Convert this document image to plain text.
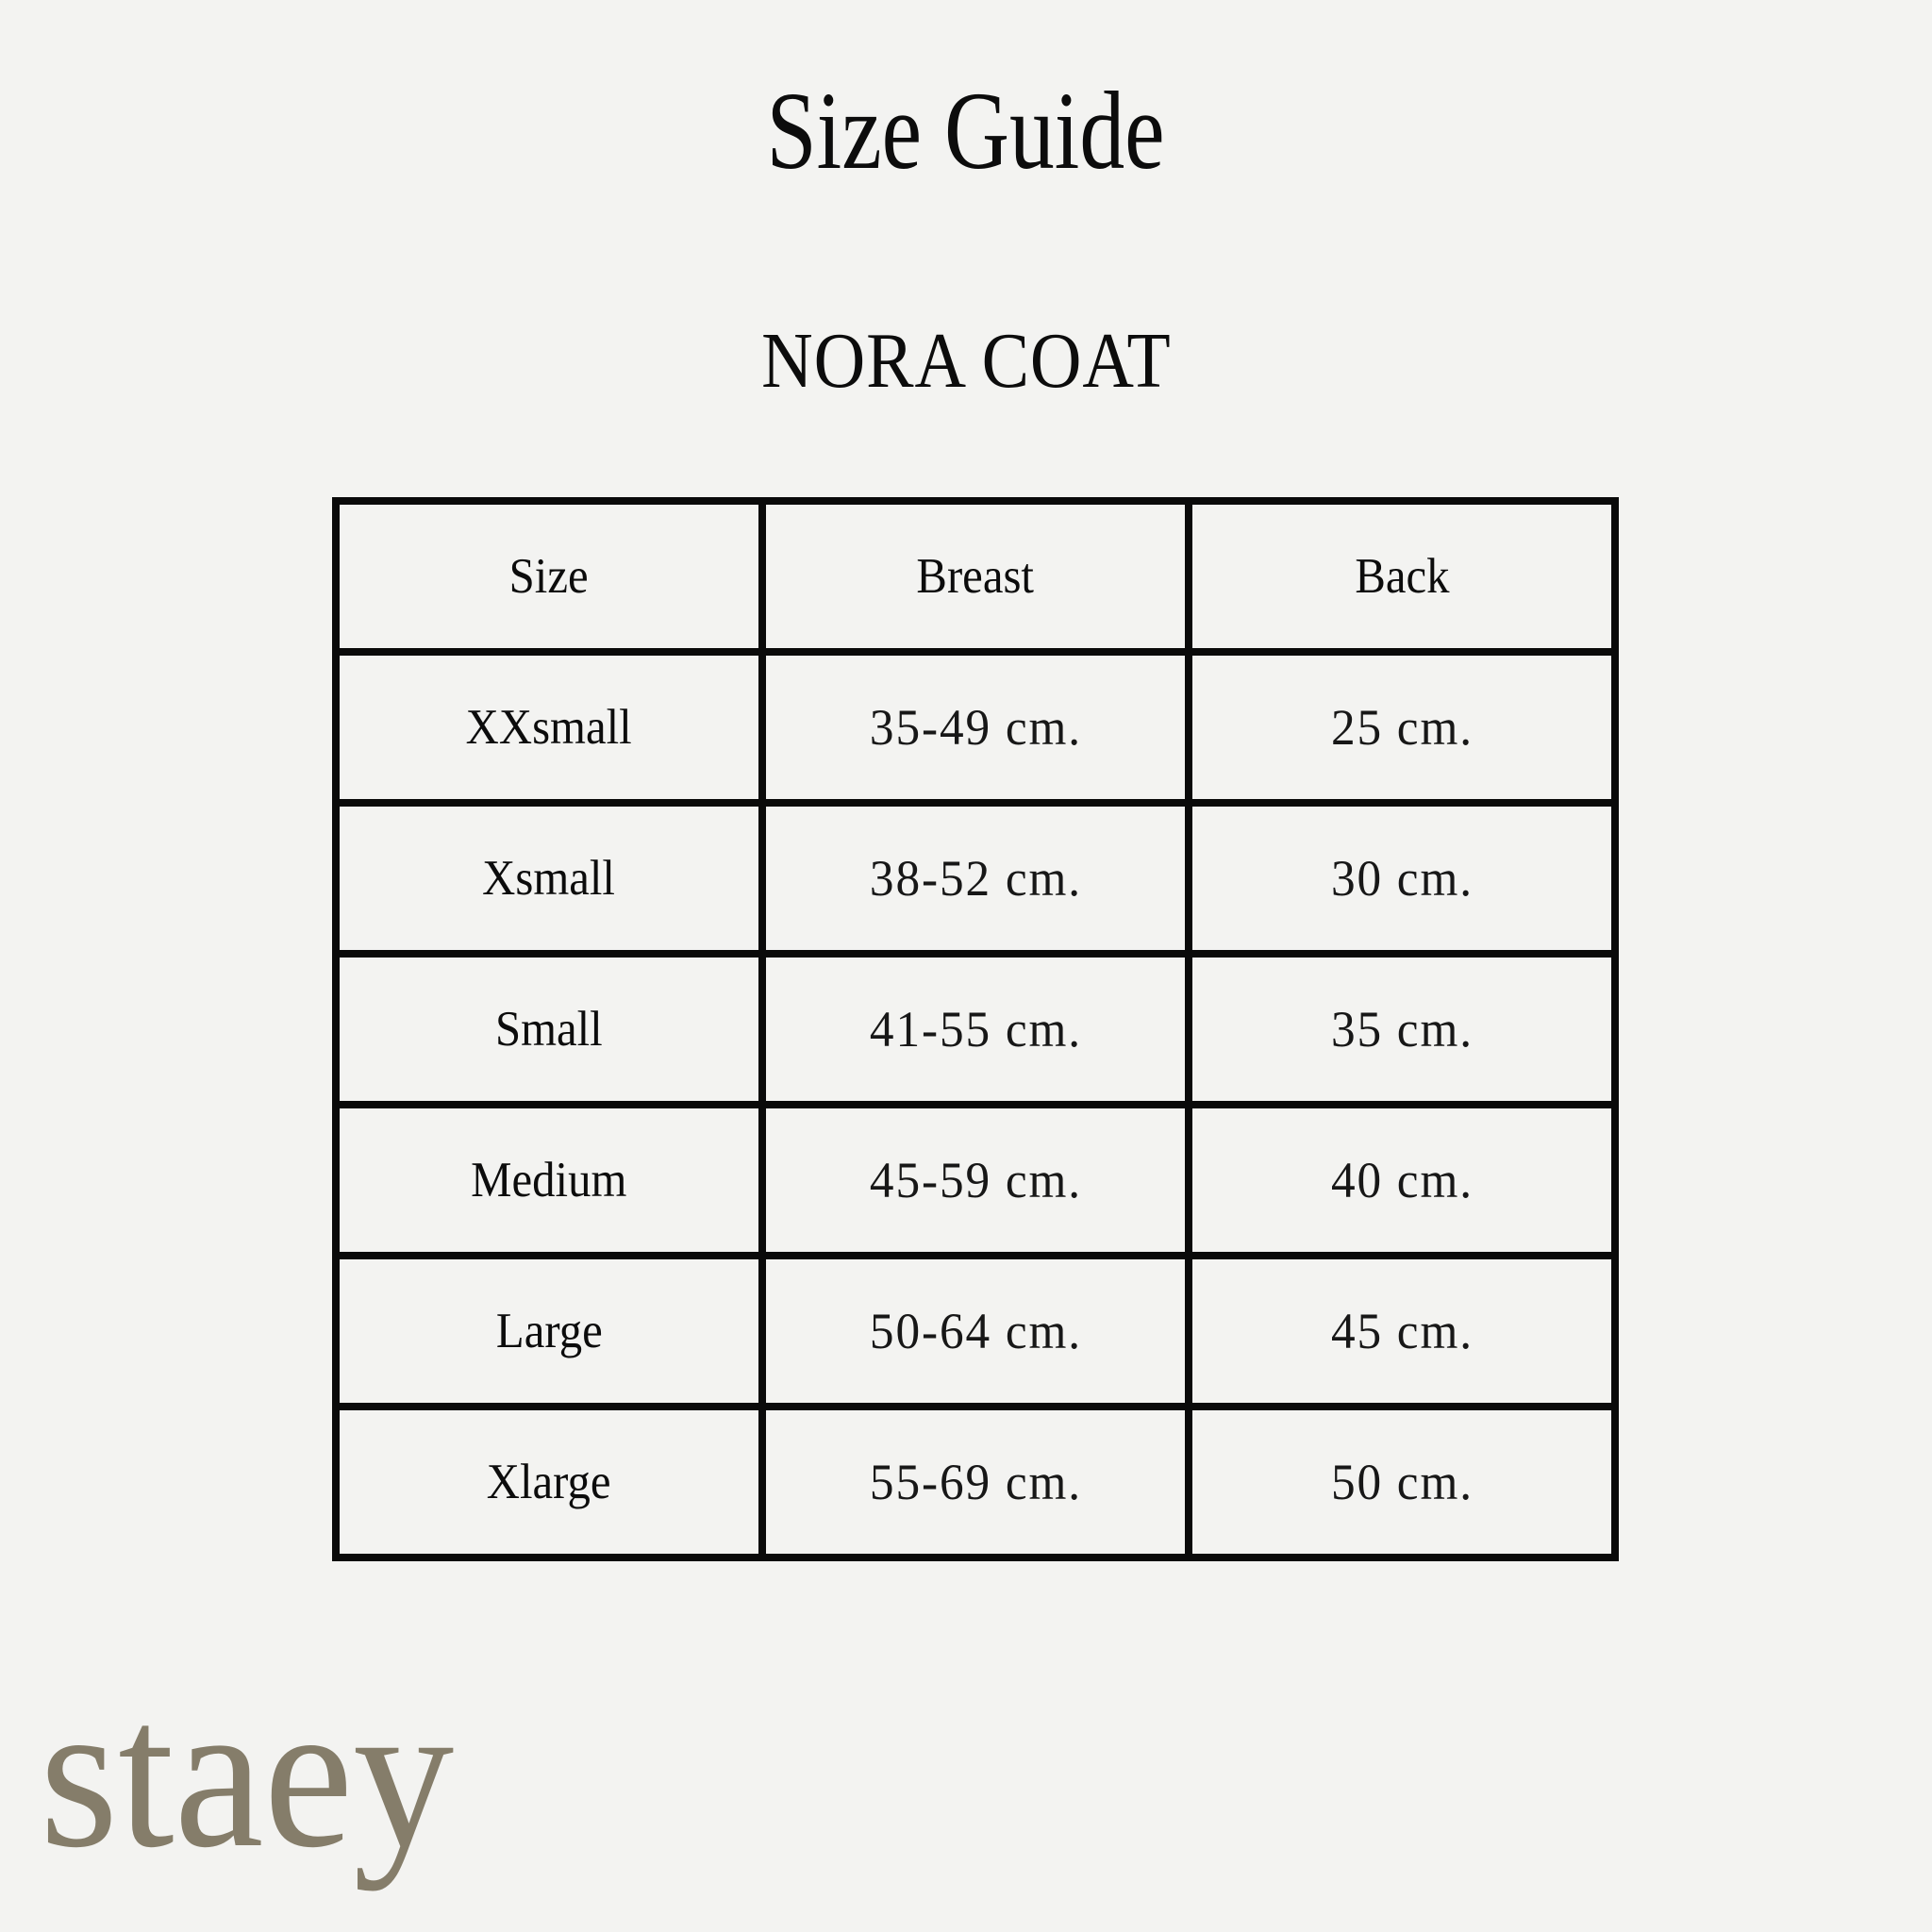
Size Guide
NORA COAT
Size	Breast	Back
XXsmall	35-49 cm.	25 cm.
Xsmall	38-52 cm.	30 cm.
Small	41-55 cm.	35 cm.
Medium	45-59 cm.	40 cm.
Large	50-64 cm.	45 cm.
Xlarge	55-69 cm.	50 cm.
staey
